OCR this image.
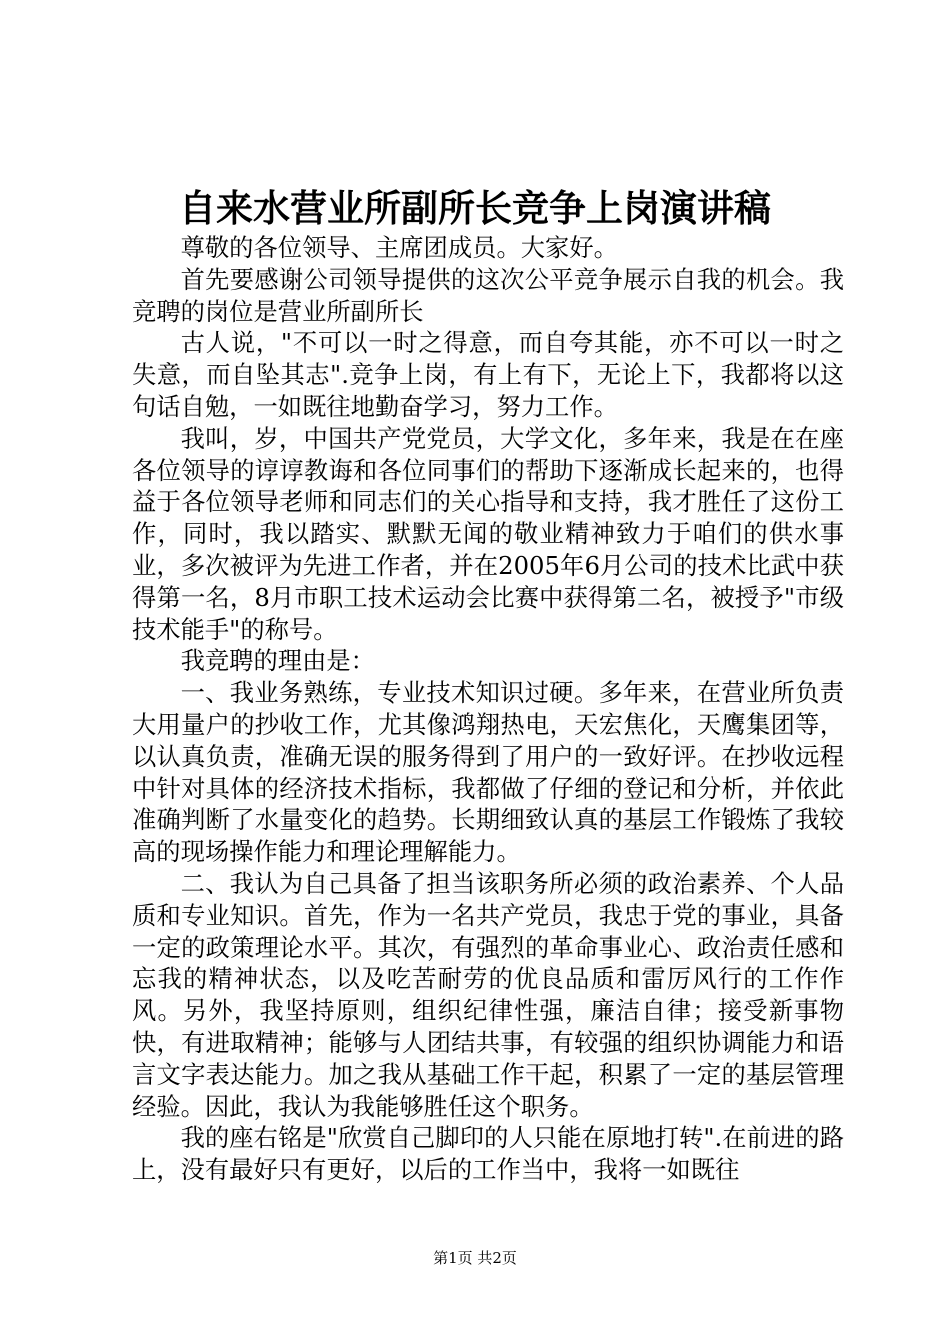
自来水营业所副所长竞争上岗演讲稿

尊敬的各位领导、主席团成员。大家好。

首先要感谢公司领导提供的这次公平竞争展示自我的机会。我竞聘的岗位是营业所副所长

古人说，"不可以一时之得意，而自夸其能，亦不可以一时之失意，而自坠其志".竞争上岗，有上有下，无论上下，我都将以这句话自勉，一如既往地勤奋学习，努力工作。

我叫，岁，中国共产党党员，大学文化，多年来，我是在在座各位领导的谆谆教诲和各位同事们的帮助下逐渐成长起来的，也得益于各位领导老师和同志们的关心指导和支持，我才胜任了这份工作，同时，我以踏实、默默无闻的敬业精神致力于咱们的供水事业，多次被评为先进工作者，并在2005年6月公司的技术比武中获得第一名，8月市职工技术运动会比赛中获得第二名，被授予"市级技术能手"的称号。

我竞聘的理由是：

一、我业务熟练，专业技术知识过硬。多年来，在营业所负责大用量户的抄收工作，尤其像鸿翔热电，天宏焦化，天鹰集团等，以认真负责，准确无误的服务得到了用户的一致好评。在抄收远程中针对具体的经济技术指标，我都做了仔细的登记和分析，并依此准确判断了水量变化的趋势。长期细致认真的基层工作锻炼了我较高的现场操作能力和理论理解能力。

二、我认为自己具备了担当该职务所必须的政治素养、个人品质和专业知识。首先，作为一名共产党员，我忠于党的事业，具备一定的政策理论水平。其次，有强烈的革命事业心、政治责任感和忘我的精神状态，以及吃苦耐劳的优良品质和雷厉风行的工作作风。另外，我坚持原则，组织纪律性强，廉洁自律；接受新事物快，有进取精神；能够与人团结共事，有较强的组织协调能力和语言文字表达能力。加之我从基础工作干起，积累了一定的基层管理经验。因此，我认为我能够胜任这个职务。

我的座右铭是"欣赏自己脚印的人只能在原地打转".在前进的路上，没有最好只有更好，以后的工作当中，我将一如既往

第1页 共2页
